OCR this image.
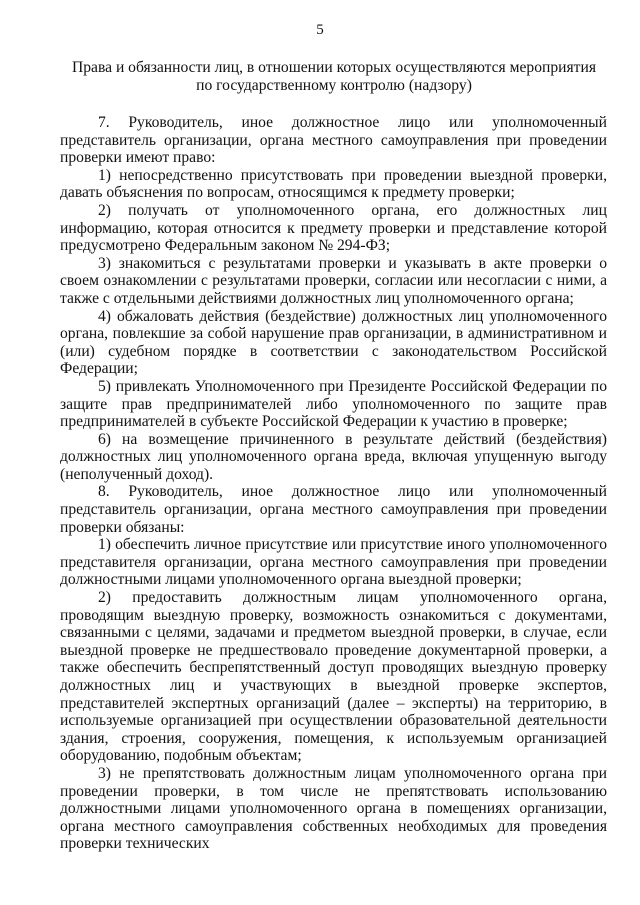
5
Права и обязанности лиц, в отношении которых осуществляются мероприятия
по государственному контролю (надзору)

7. Руководитель, иное должностное лицо или уполномоченный представитель организации, органа местного самоуправления при проведении проверки имеют право:

1) непосредственно присутствовать при проведении выездной проверки, давать объяснения по вопросам, относящимся к предмету проверки;

2) получать от уполномоченного органа, его должностных лиц информацию, которая относится к предмету проверки и представление которой предусмотрено Федеральным законом № 294-ФЗ;

3) знакомиться с результатами проверки и указывать в акте проверки о своем ознакомлении с результатами проверки, согласии или несогласии с ними, а также с отдельными действиями должностных лиц уполномоченного органа;

4) обжаловать действия (бездействие) должностных лиц уполномоченного органа, повлекшие за собой нарушение прав организации, в административном и (или) судебном порядке в соответствии с законодательством Российской Федерации;

5) привлекать Уполномоченного при Президенте Российской Федерации по защите прав предпринимателей либо уполномоченного по защите прав предпринимателей в субъекте Российской Федерации к участию в проверке;

6) на возмещение причиненного в результате действий (бездействия) должностных лиц уполномоченного органа вреда, включая упущенную выгоду (неполученный доход).

8. Руководитель, иное должностное лицо или уполномоченный представитель организации, органа местного самоуправления при проведении проверки обязаны:

1) обеспечить личное присутствие или присутствие иного уполномоченного представителя организации, органа местного самоуправления при проведении должностными лицами уполномоченного органа выездной проверки;

2) предоставить должностным лицам уполномоченного органа, проводящим выездную проверку, возможность ознакомиться с документами, связанными с целями, задачами и предметом выездной проверки, в случае, если выездной проверке не предшествовало проведение документарной проверки, а также обеспечить беспрепятственный доступ проводящих выездную проверку должностных лиц и участвующих в выездной проверке экспертов, представителей экспертных организаций (далее – эксперты) на территорию, в используемые организацией при осуществлении образовательной деятельности здания, строения, сооружения, помещения, к используемым организацией оборудованию, подобным объектам;

3) не препятствовать должностным лицам уполномоченного органа при проведении проверки, в том числе не препятствовать использованию должностными лицами уполномоченного органа в помещениях организации, органа местного самоуправления собственных необходимых для проведения проверки технических
